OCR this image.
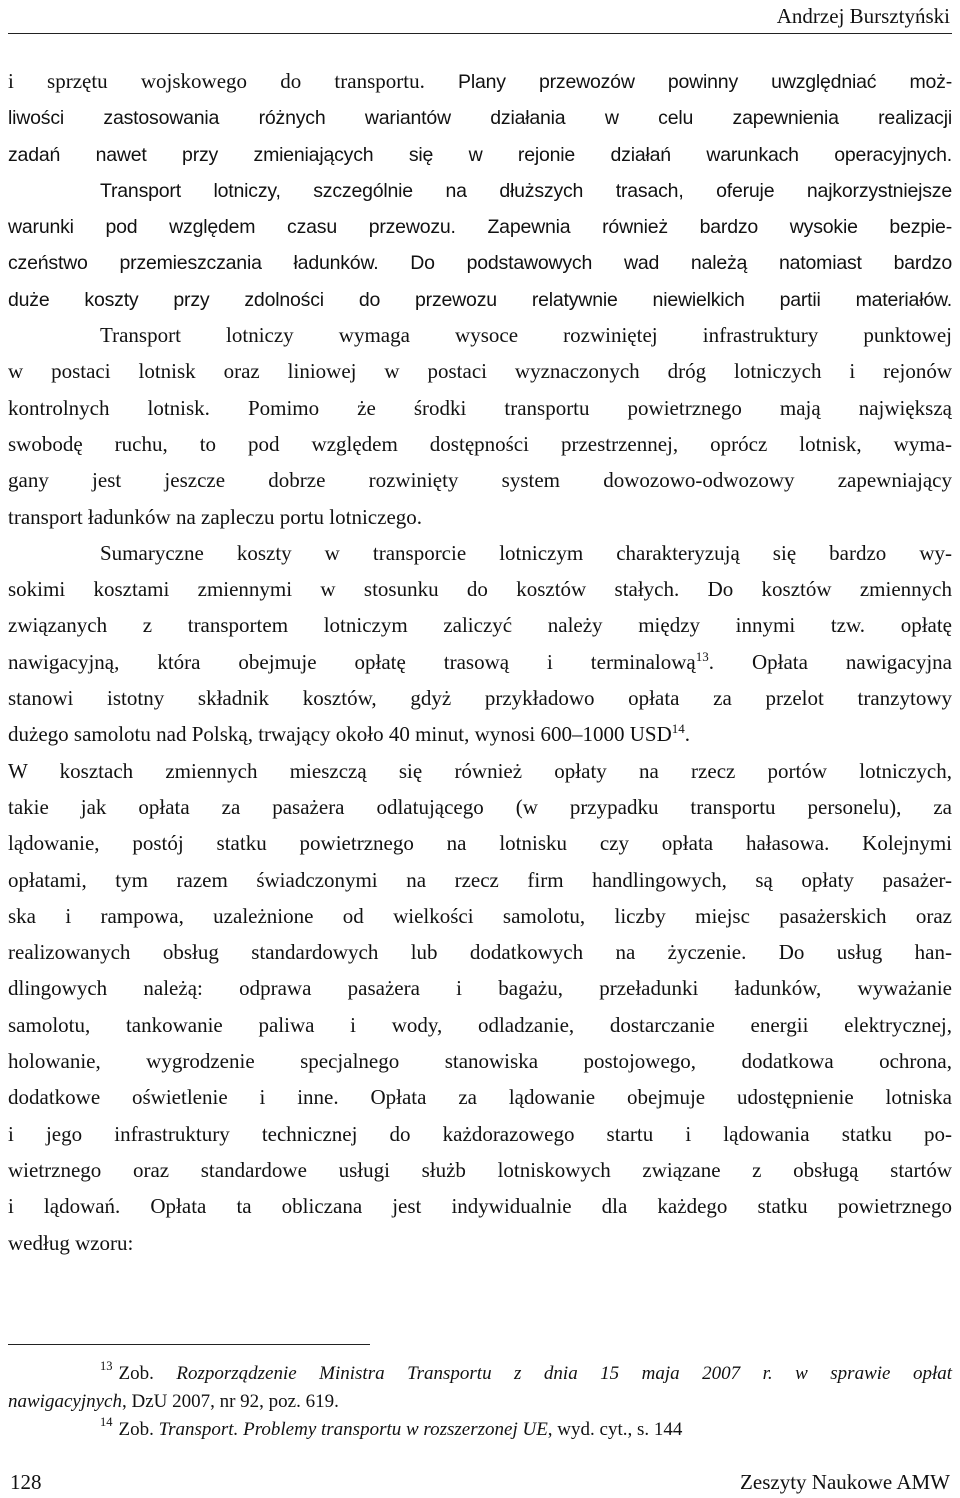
Andrzej Bursztyński
i sprzętu wojskowego do transportu. Plany przewozów powinny uwzględniać moż-
liwości zastosowania różnych wariantów działania w celu zapewnienia realizacji
zadań nawet przy zmieniających się w rejonie działań warunkach operacyjnych.
Transport lotniczy, szczególnie na dłuższych trasach, oferuje najkorzystniejsze
warunki pod względem czasu przewozu. Zapewnia również bardzo wysokie bezpie-
czeństwo przemieszczania ładunków. Do podstawowych wad należą natomiast bardzo
duże koszty przy zdolności do przewozu relatywnie niewielkich partii materiałów.
Transport lotniczy wymaga wysoce rozwiniętej infrastruktury punktowej
w postaci lotnisk oraz liniowej w postaci wyznaczonych dróg lotniczych i rejonów
kontrolnych lotnisk. Pomimo że środki transportu powietrznego mają największą
swobodę ruchu, to pod względem dostępności przestrzennej, oprócz lotnisk, wyma-
gany jest jeszcze dobrze rozwinięty system dowozowo-odwozowy zapewniający
transport ładunków na zapleczu portu lotniczego.
Sumaryczne koszty w transporcie lotniczym charakteryzują się bardzo wy-
sokimi kosztami zmiennymi w stosunku do kosztów stałych. Do kosztów zmiennych
związanych z transportem lotniczym zaliczyć należy między innymi tzw. opłatę
nawigacyjną, która obejmuje opłatę trasową i terminalową$^{13}$. Opłata nawigacyjna
stanowi istotny składnik kosztów, gdyż przykładowo opłata za przelot tranzytowy
dużego samolotu nad Polską, trwający około 40 minut, wynosi 600–1000 USD$^{14}$.
W kosztach zmiennych mieszczą się również opłaty na rzecz portów lotniczych,
takie jak opłata za pasażera odlatującego (w przypadku transportu personelu), za
lądowanie, postój statku powietrznego na lotnisku czy opłata hałasowa. Kolejnymi
opłatami, tym razem świadczonymi na rzecz firm handlingowych, są opłaty pasażer-
ska i rampowa, uzależnione od wielkości samolotu, liczby miejsc pasażerskich oraz
realizowanych obsług standardowych lub dodatkowych na życzenie. Do usług han-
dlingowych należą: odprawa pasażera i bagażu, przeładunki ładunków, wyważanie
samolotu, tankowanie paliwa i wody, odladzanie, dostarczanie energii elektrycznej,
holowanie, wygrodzenie specjalnego stanowiska postojowego, dodatkowa ochrona,
dodatkowe oświetlenie i inne. Opłata za lądowanie obejmuje udostępnienie lotniska
i jego infrastruktury technicznej do każdorazowego startu i lądowania statku po-
wietrznego oraz standardowe usługi służb lotniskowych związane z obsługą startów
i lądowań. Opłata ta obliczana jest indywidualnie dla każdego statku powietrznego
według wzoru:
$^{13}$ Zob. Rozporządzenie Ministra Transportu z dnia 15 maja 2007 r. w sprawie opłat
nawigacyjnych, DzU 2007, nr 92, poz. 619.
$^{14}$ Zob. Transport. Problemy transportu w rozszerzonej UE, wyd. cyt., s. 144
128	Zeszyty Naukowe AMW
